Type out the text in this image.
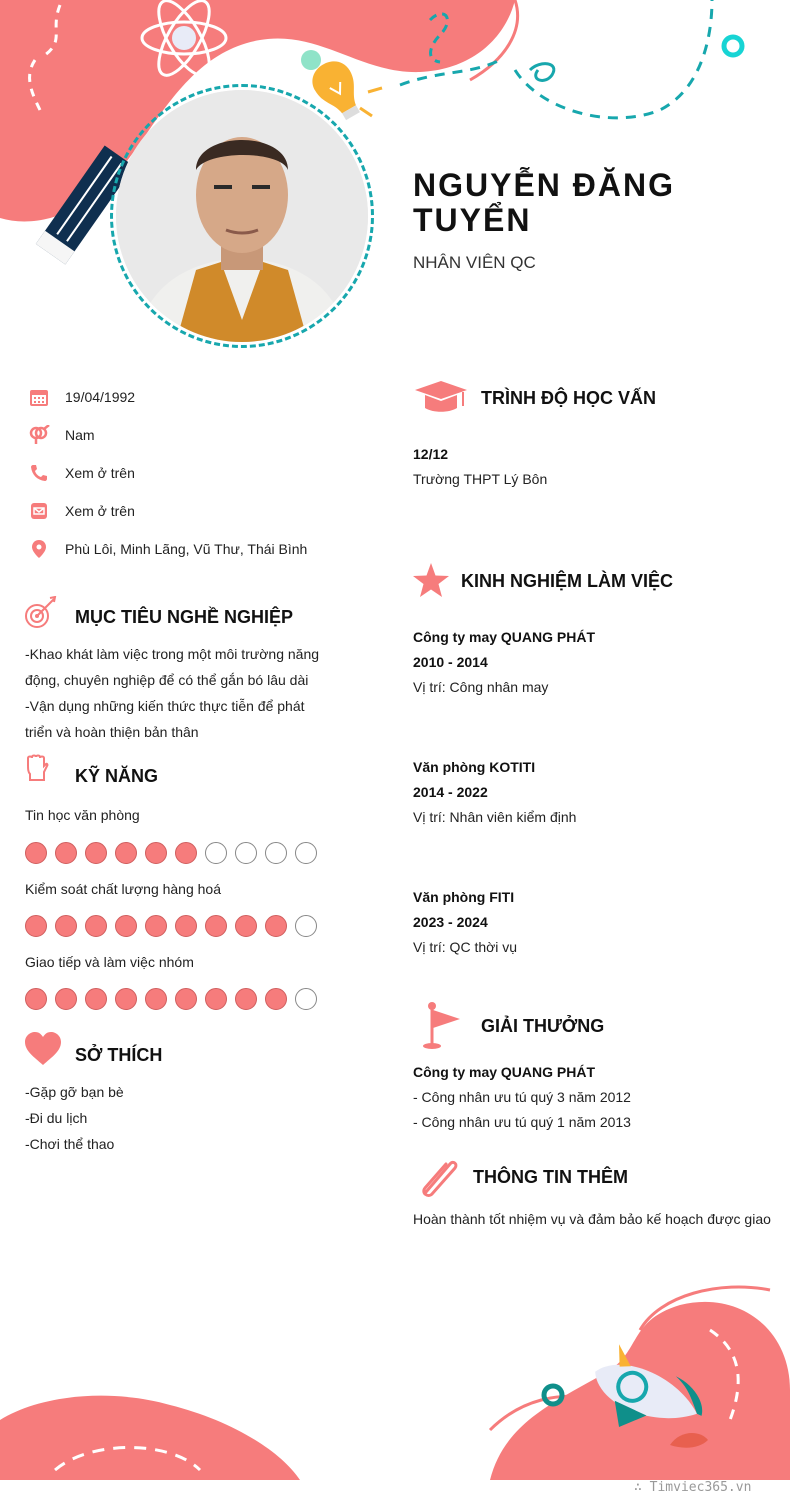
NGUYỄN ĐĂNG TUYỂN
NHÂN VIÊN QC
19/04/1992
Nam
Xem ở trên
Xem ở trên
Phù Lôi, Minh Lãng, Vũ Thư, Thái Bình
MỤC TIÊU NGHỀ NGHIỆP
-Khao khát làm việc trong một môi trường năng
động, chuyên nghiệp để có thể gắn bó lâu dài
-Vận dụng những kiến thức thực tiễn để phát
triển và hoàn thiện bản thân
KỸ NĂNG
Tin học văn phòng
Kiểm soát chất lượng hàng hoá
Giao tiếp và làm việc nhóm
SỞ THÍCH
-Gặp gỡ bạn bè
-Đi du lịch
-Chơi thể thao
TRÌNH ĐỘ HỌC VẤN
12/12
Trường THPT Lý Bôn
KINH NGHIỆM LÀM VIỆC
Công ty may QUANG PHÁT
2010 - 2014
Vị trí: Công nhân may
Văn phòng KOTITI
2014 - 2022
Vị trí: Nhân viên kiểm định
Văn phòng FITI
2023 - 2024
Vị trí: QC thời vụ
GIẢI THƯỞNG
Công ty may QUANG PHÁT
- Công nhân ưu tú quý 3 năm 2012
- Công nhân ưu tú quý 1 năm 2013
THÔNG TIN THÊM
Hoàn thành tốt nhiệm vụ và đảm bảo kế hoạch được giao
∴ Timviec365.vn
